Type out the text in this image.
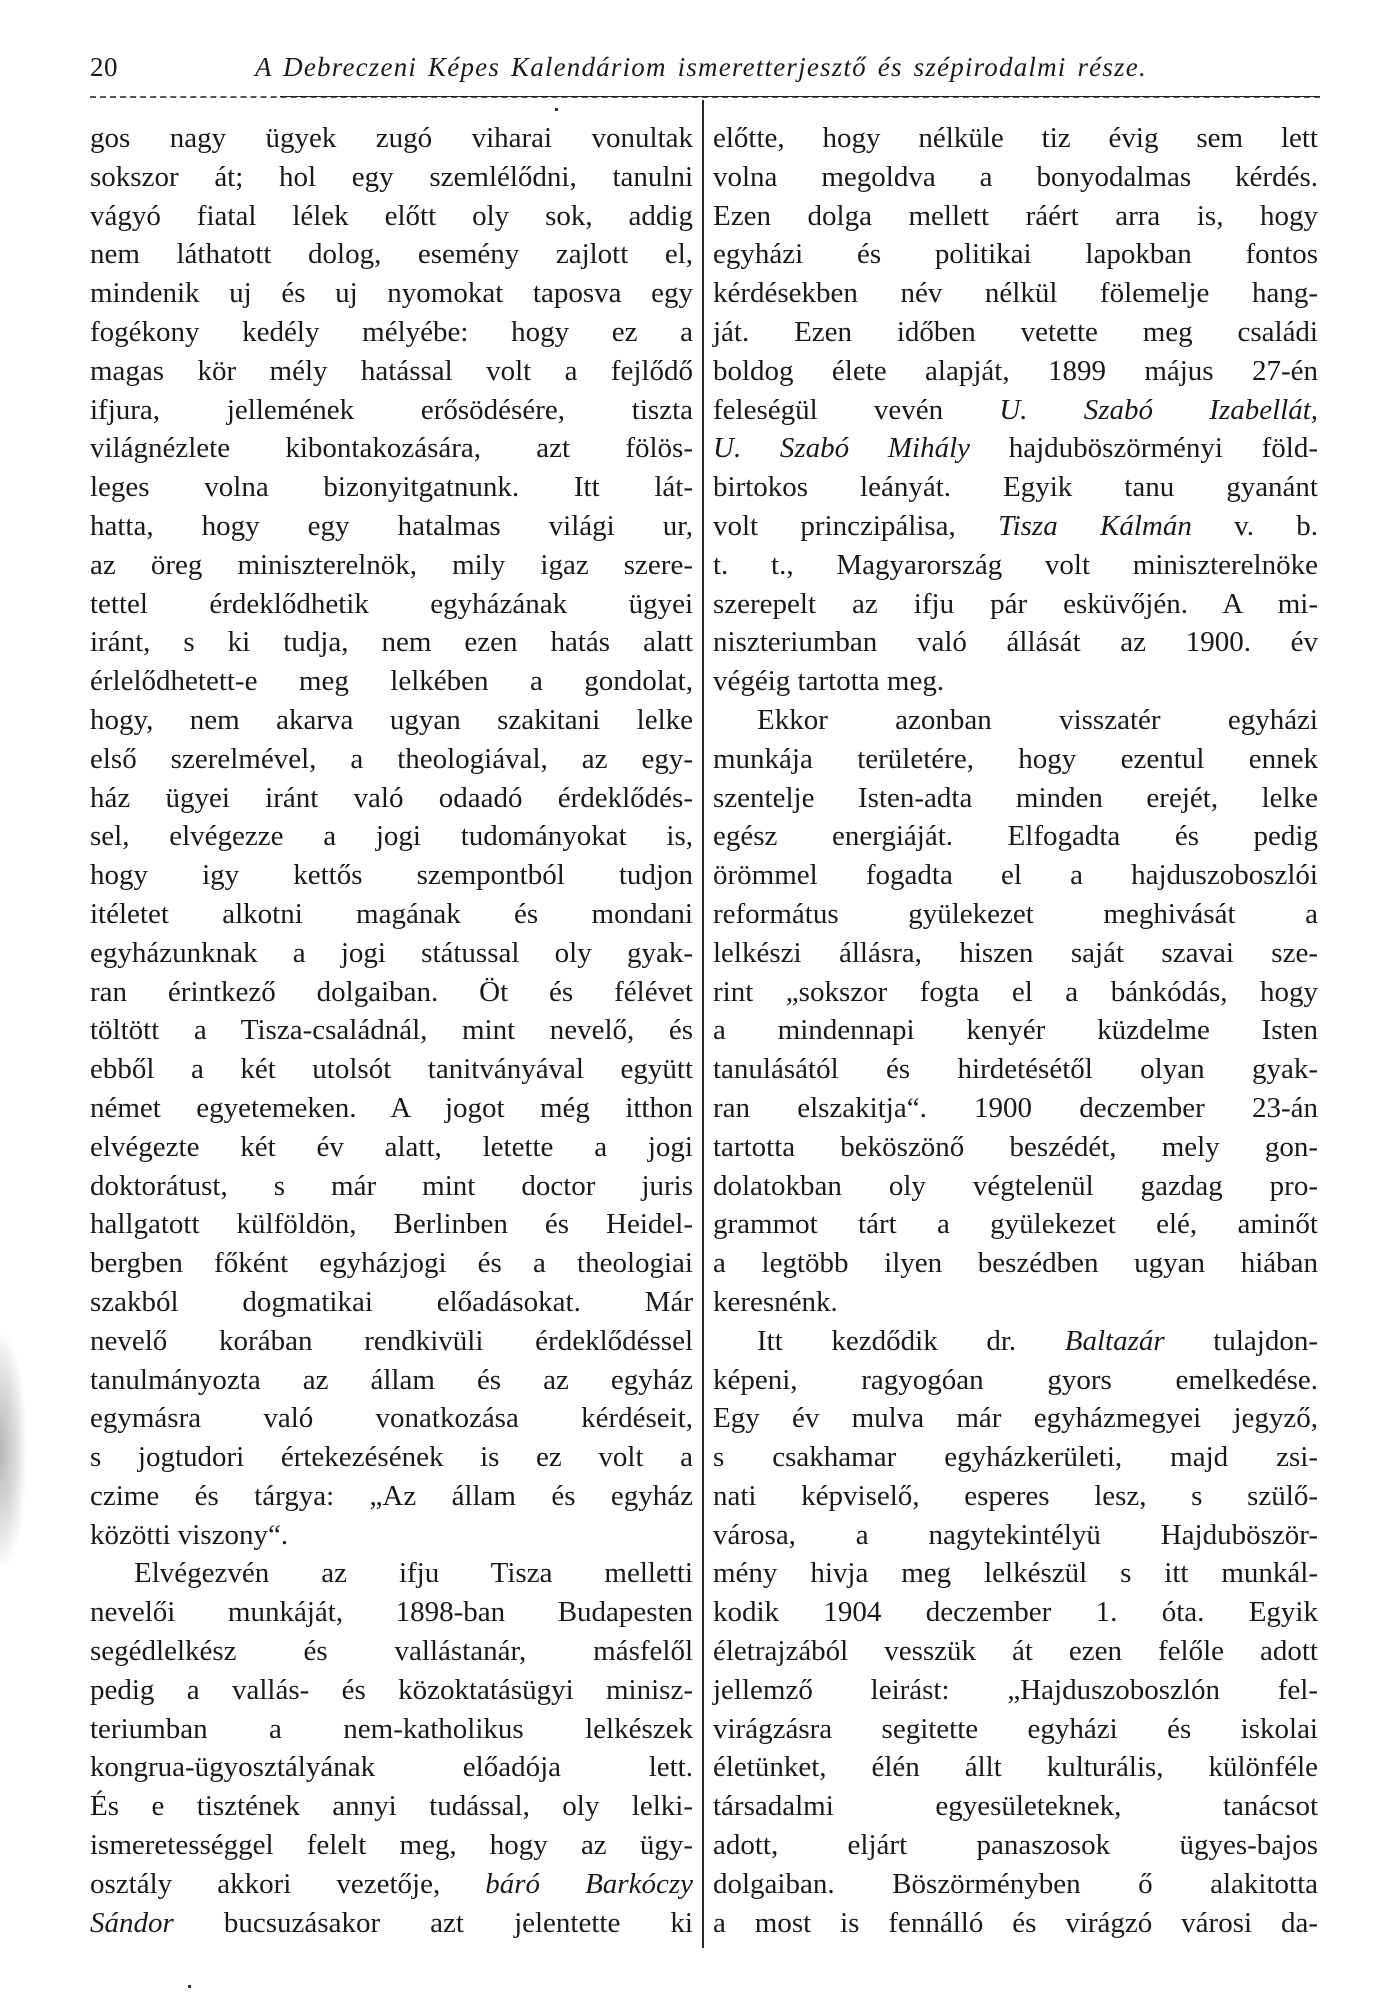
20	A Debreczeni Képes Kalendáriom ismeretterjesztő és szépirodalmi része.
gos nagy ügyek zugó viharai vonultak
sokszor át; hol egy szemlélődni, tanulni
vágyó fiatal lélek előtt oly sok, addig
nem láthatott dolog, esemény zajlott el,
mindenik uj és uj nyomokat taposva egy
fogékony kedély mélyébe: hogy ez a
magas kör mély hatással volt a fejlődő
ifjura, jellemének erősödésére, tiszta
világnézlete kibontakozására, azt fölös-
leges volna bizonyitgatnunk. Itt lát-
hatta, hogy egy hatalmas világi ur,
az öreg miniszterelnök, mily igaz szere-
tettel érdeklődhetik egyházának ügyei
iránt, s ki tudja, nem ezen hatás alatt
érlelődhetett-e meg lelkében a gondolat,
hogy, nem akarva ugyan szakitani lelke
első szerelmével, a theologiával, az egy-
ház ügyei iránt való odaadó érdeklődés-
sel, elvégezze a jogi tudományokat is,
hogy igy kettős szempontból tudjon
itéletet alkotni magának és mondani
egyházunknak a jogi státussal oly gyak-
ran érintkező dolgaiban. Öt és félévet
töltött a Tisza-családnál, mint nevelő, és
ebből a két utolsót tanitványával együtt
német egyetemeken. A jogot még itthon
elvégezte két év alatt, letette a jogi
doktorátust, s már mint doctor juris
hallgatott külföldön, Berlinben és Heidel-
bergben főként egyházjogi és a theologiai
szakból dogmatikai előadásokat. Már
nevelő korában rendkivüli érdeklődéssel
tanulmányozta az állam és az egyház
egymásra való vonatkozása kérdéseit,
s jogtudori értekezésének is ez volt a
czime és tárgya: „Az állam és egyház
közötti viszony“.
Elvégezvén az ifju Tisza melletti
nevelői munkáját, 1898-ban Budapesten
segédlelkész és vallástanár, másfelől
pedig a vallás- és közoktatásügyi minisz-
teriumban a nem-katholikus lelkészek
kongrua-ügyosztályának előadója lett.
És e tisztének annyi tudással, oly lelki-
ismeretességgel felelt meg, hogy az ügy-
osztály akkori vezetője, báró Barkóczy
Sándor bucsuzásakor azt jelentette ki
előtte, hogy nélküle tiz évig sem lett
volna megoldva a bonyodalmas kérdés.
Ezen dolga mellett ráért arra is, hogy
egyházi és politikai lapokban fontos
kérdésekben név nélkül fölemelje hang-
ját. Ezen időben vetette meg családi
boldog élete alapját, 1899 május 27-én
feleségül vevén U. Szabó Izabellát,
U. Szabó Mihály hajduböszörményi föld-
birtokos leányát. Egyik tanu gyanánt
volt princzipálisa, Tisza Kálmán v. b.
t. t., Magyarország volt miniszterelnöke
szerepelt az ifju pár esküvőjén. A mi-
niszteriumban való állását az 1900. év
végéig tartotta meg.
Ekkor azonban visszatér egyházi
munkája területére, hogy ezentul ennek
szentelje Isten-adta minden erejét, lelke
egész energiáját. Elfogadta és pedig
örömmel fogadta el a hajduszoboszlói
református gyülekezet meghivását a
lelkészi állásra, hiszen saját szavai sze-
rint „sokszor fogta el a bánkódás, hogy
a mindennapi kenyér küzdelme Isten
tanulásától és hirdetésétől olyan gyak-
ran elszakitja“. 1900 deczember 23-án
tartotta beköszönő beszédét, mely gon-
dolatokban oly végtelenül gazdag pro-
grammot tárt a gyülekezet elé, aminőt
a legtöbb ilyen beszédben ugyan hiában
keresnénk.
Itt kezdődik dr. Baltazár tulajdon-
képeni, ragyogóan gyors emelkedése.
Egy év mulva már egyházmegyei jegyző,
s csakhamar egyházkerületi, majd zsi-
nati képviselő, esperes lesz, s szülő-
városa, a nagytekintélyü Hajduböször-
mény hivja meg lelkészül s itt munkál-
kodik 1904 deczember 1. óta. Egyik
életrajzából vesszük át ezen felőle adott
jellemző leirást: „Hajduszoboszlón fel-
virágzásra segitette egyházi és iskolai
életünket, élén állt kulturális, különféle
társadalmi egyesületeknek, tanácsot
adott, eljárt panaszosok ügyes-bajos
dolgaiban. Böszörményben ő alakitotta
a most is fennálló és virágzó városi da-
